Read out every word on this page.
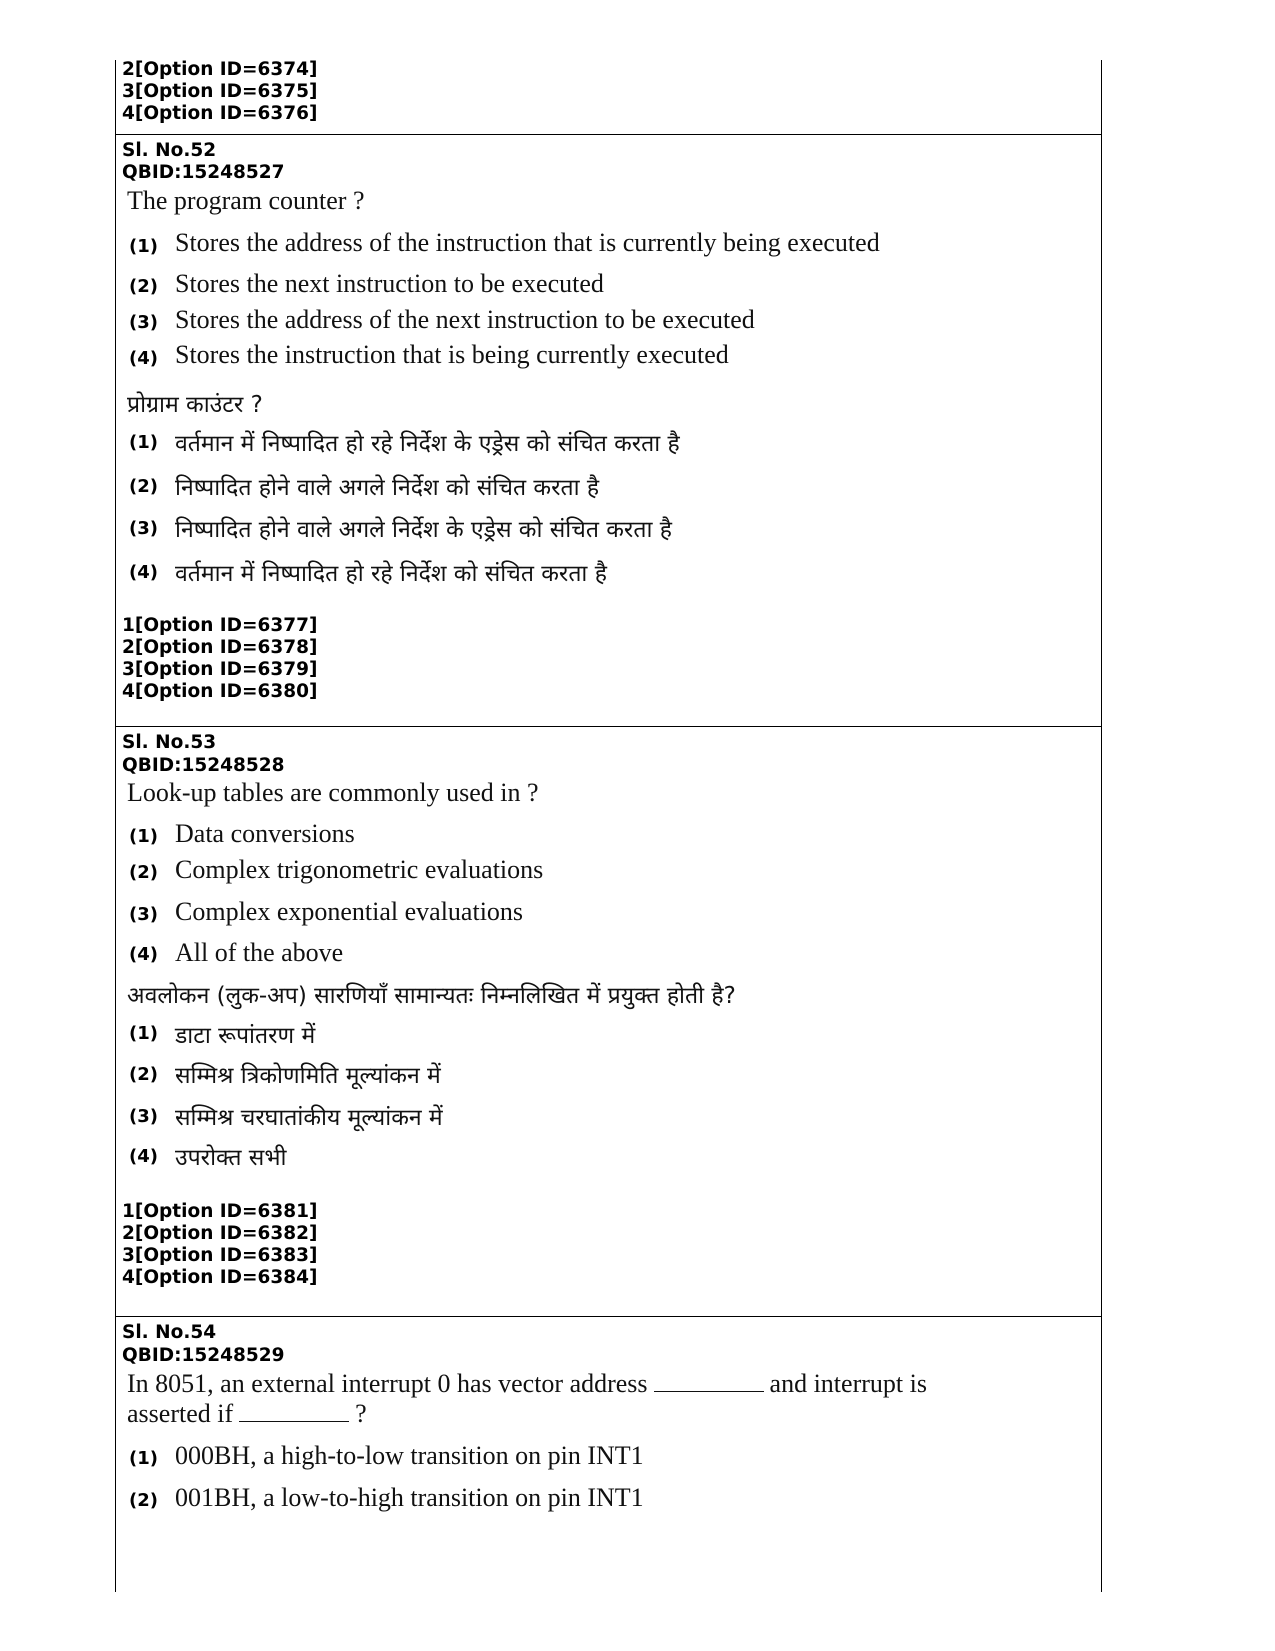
2[Option ID=6374]
3[Option ID=6375]
4[Option ID=6376]
Sl. No.52
QBID:15248527
The program counter ?
(1) Stores the address of the instruction that is currently being executed
(2) Stores the next instruction to be executed
(3) Stores the address of the next instruction to be executed
(4) Stores the instruction that is being currently executed
प्रोग्राम काउंटर ?
(1) वर्तमान में निष्पादित हो रहे निर्देश के एड्रेस को संचित करता है
(2) निष्पादित होने वाले अगले निर्देश को संचित करता है
(3) निष्पादित होने वाले अगले निर्देश के एड्रेस को संचित करता है
(4) वर्तमान में निष्पादित हो रहे निर्देश को संचित करता है
1[Option ID=6377]
2[Option ID=6378]
3[Option ID=6379]
4[Option ID=6380]
Sl. No.53
QBID:15248528
Look-up tables are commonly used in ?
(1) Data conversions
(2) Complex trigonometric evaluations
(3) Complex exponential evaluations
(4) All of the above
अवलोकन (लुक-अप) सारणियाँ सामान्यतः निम्नलिखित में प्रयुक्त होती है?
(1) डाटा रूपांतरण में
(2) सम्मिश्र त्रिकोणमिति मूल्यांकन में
(3) सम्मिश्र चरघातांकीय मूल्यांकन में
(4) उपरोक्त सभी
1[Option ID=6381]
2[Option ID=6382]
3[Option ID=6383]
4[Option ID=6384]
Sl. No.54
QBID:15248529
In 8051, an external interrupt 0 has vector address	and interrupt is
asserted if	?
(1) 000BH, a high-to-low transition on pin INT1
(2) 001BH, a low-to-high transition on pin INT1
